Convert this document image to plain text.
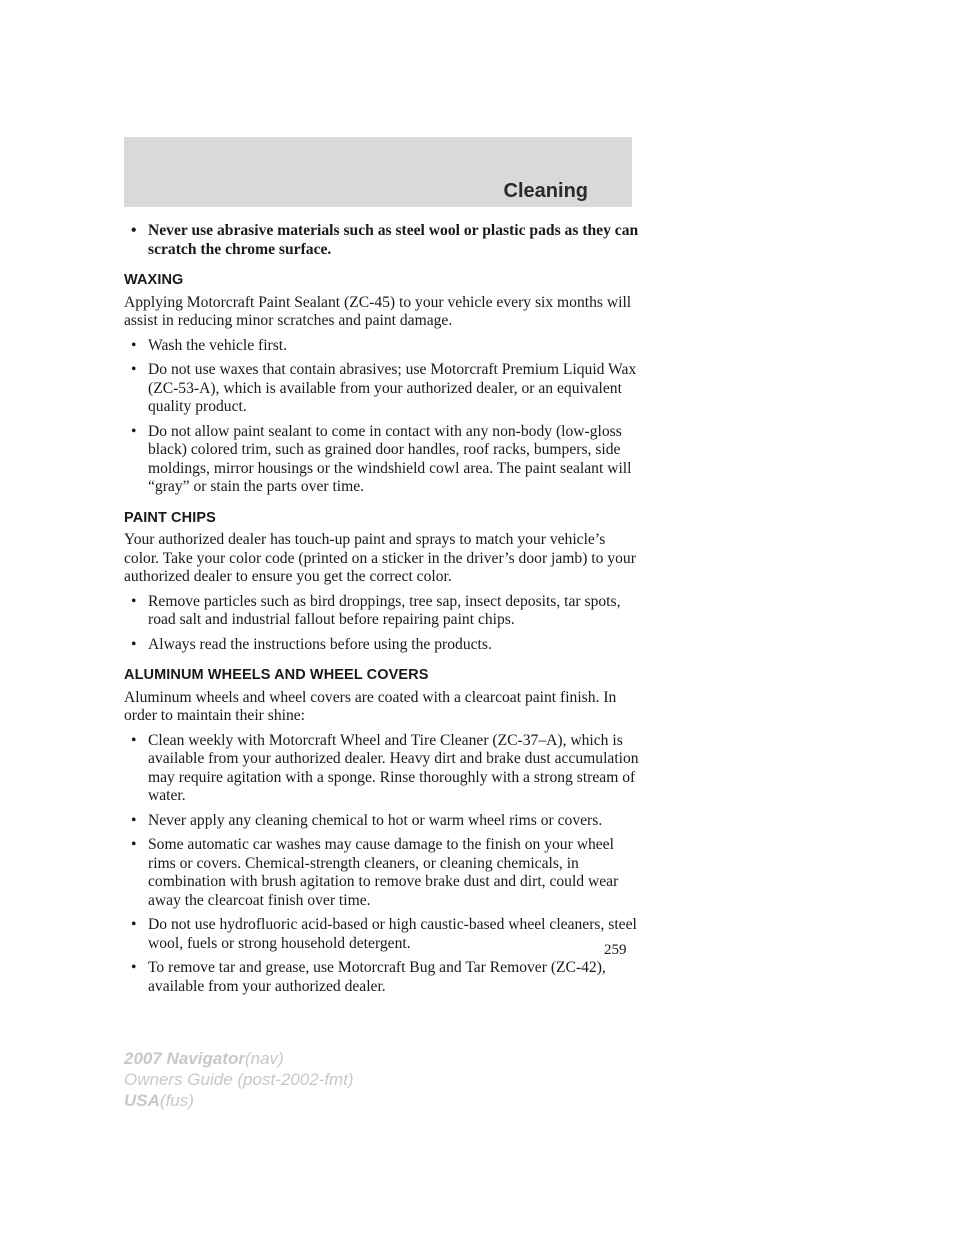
Cleaning
• Never use abrasive materials such as steel wool or plastic pads as they can scratch the chrome surface.
WAXING

Applying Motorcraft Paint Sealant (ZC-45) to your vehicle every six months will assist in reducing minor scratches and paint damage.

• Wash the vehicle first.
• Do not use waxes that contain abrasives; use Motorcraft Premium Liquid Wax (ZC-53-A), which is available from your authorized dealer, or an equivalent quality product.
• Do not allow paint sealant to come in contact with any non-body (low-gloss black) colored trim, such as grained door handles, roof racks, bumpers, side moldings, mirror housings or the windshield cowl area. The paint sealant will “gray” or stain the parts over time.
PAINT CHIPS

Your authorized dealer has touch-up paint and sprays to match your vehicle’s color. Take your color code (printed on a sticker in the driver’s door jamb) to your authorized dealer to ensure you get the correct color.

• Remove particles such as bird droppings, tree sap, insect deposits, tar spots, road salt and industrial fallout before repairing paint chips.
• Always read the instructions before using the products.
ALUMINUM WHEELS AND WHEEL COVERS

Aluminum wheels and wheel covers are coated with a clearcoat paint finish. In order to maintain their shine:

• Clean weekly with Motorcraft Wheel and Tire Cleaner (ZC-37–A), which is available from your authorized dealer. Heavy dirt and brake dust accumulation may require agitation with a sponge. Rinse thoroughly with a strong stream of water.
• Never apply any cleaning chemical to hot or warm wheel rims or covers.
• Some automatic car washes may cause damage to the finish on your wheel rims or covers. Chemical-strength cleaners, or cleaning chemicals, in combination with brush agitation to remove brake dust and dirt, could wear away the clearcoat finish over time.
• Do not use hydrofluoric acid-based or high caustic-based wheel cleaners, steel wool, fuels or strong household detergent.
• To remove tar and grease, use Motorcraft Bug and Tar Remover (ZC-42), available from your authorized dealer.
259
2007 Navigator(nav)
Owners Guide (post-2002-fmt)
USA(fus)
